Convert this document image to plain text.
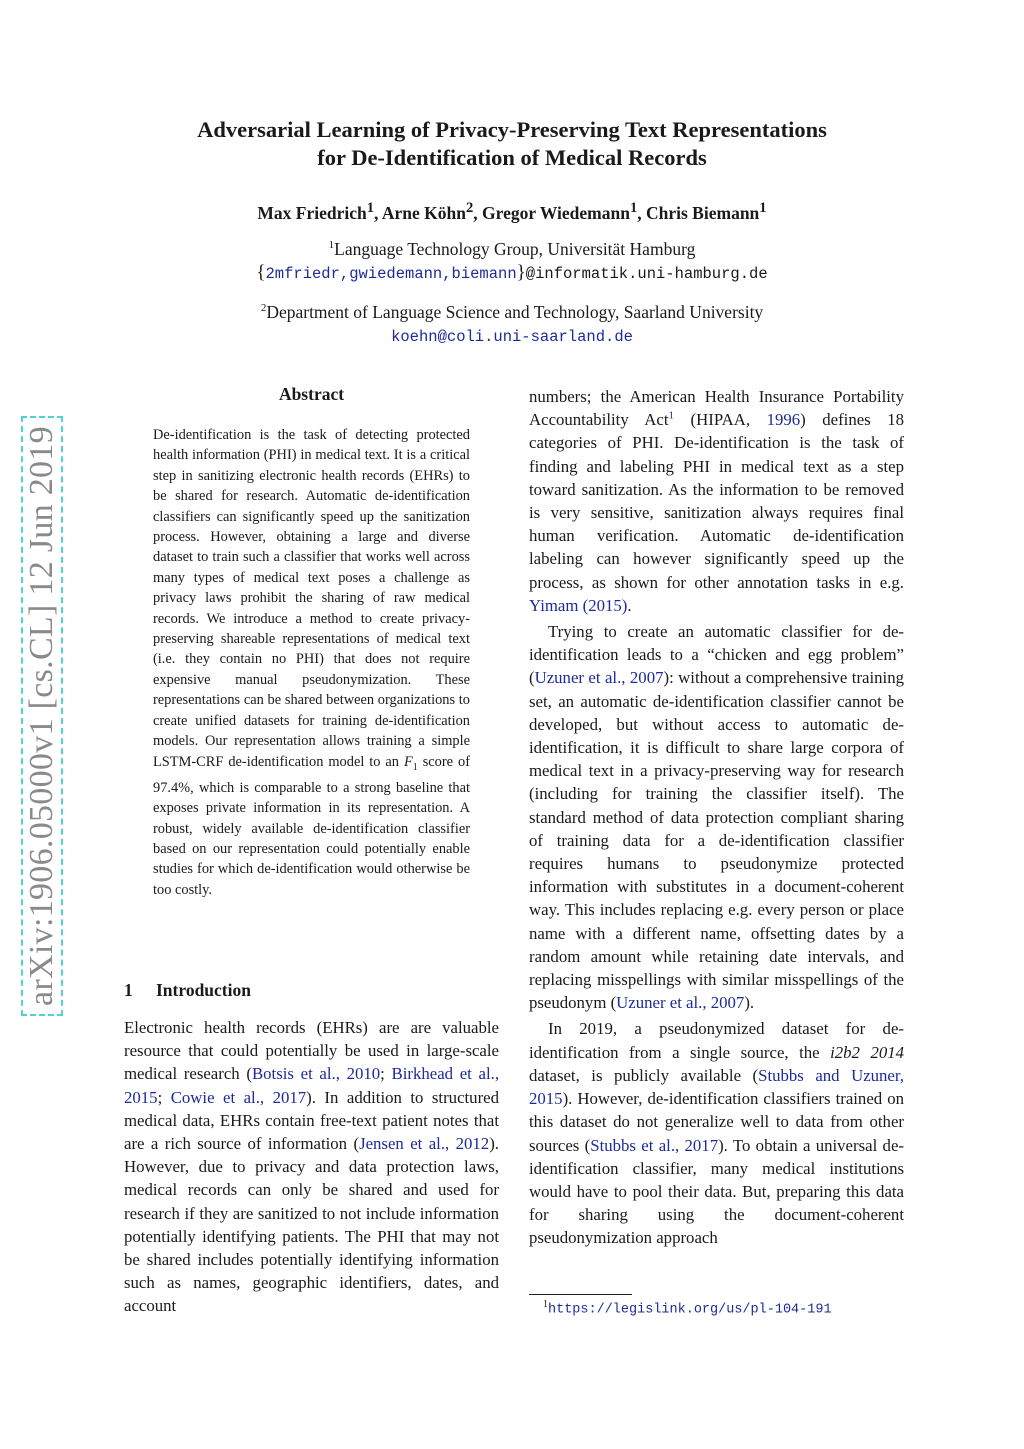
Adversarial Learning of Privacy-Preserving Text Representations
for De-Identification of Medical Records
Max Friedrich$^1$, Arne Köhn$^2$, Gregor Wiedemann$^1$, Chris Biemann$^1$
$^1$Language Technology Group, Universität Hamburg
{2mfriedr,gwiedemann,biemann}@informatik.uni-hamburg.de
$^2$Department of Language Science and Technology, Saarland University
koehn@coli.uni-saarland.de
arXiv:1906.05000v1 [cs.CL] 12 Jun 2019
Abstract
De-identification is the task of detecting protected health information (PHI) in medical text. It is a critical step in sanitizing electronic health records (EHRs) to be shared for research. Automatic de-identification classifiers can significantly speed up the sanitization process. However, obtaining a large and diverse dataset to train such a classifier that works well across many types of medical text poses a challenge as privacy laws prohibit the sharing of raw medical records. We introduce a method to create privacy-preserving shareable representations of medical text (i.e. they contain no PHI) that does not require expensive manual pseudonymization. These representations can be shared between organizations to create unified datasets for training de-identification models. Our representation allows training a simple LSTM-CRF de-identification model to an $F_1$ score of 97.4%, which is comparable to a strong baseline that exposes private information in its representation. A robust, widely available de-identification classifier based on our representation could potentially enable studies for which de-identification would otherwise be too costly.
1 Introduction
Electronic health records (EHRs) are are valuable resource that could potentially be used in large-scale medical research (Botsis et al., 2010; Birkhead et al., 2015; Cowie et al., 2017). In addition to structured medical data, EHRs contain free-text patient notes that are a rich source of information (Jensen et al., 2012). However, due to privacy and data protection laws, medical records can only be shared and used for research if they are sanitized to not include information potentially identifying patients. The PHI that may not be shared includes potentially identifying information such as names, geographic identifiers, dates, and account

numbers; the American Health Insurance Portability Accountability Act$^1$ (HIPAA, 1996) defines 18 categories of PHI. De-identification is the task of finding and labeling PHI in medical text as a step toward sanitization. As the information to be removed is very sensitive, sanitization always requires final human verification. Automatic de-identification labeling can however significantly speed up the process, as shown for other annotation tasks in e.g. Yimam (2015).

Trying to create an automatic classifier for de-identification leads to a “chicken and egg problem” (Uzuner et al., 2007): without a comprehensive training set, an automatic de-identification classifier cannot be developed, but without access to automatic de-identification, it is difficult to share large corpora of medical text in a privacy-preserving way for research (including for training the classifier itself). The standard method of data protection compliant sharing of training data for a de-identification classifier requires humans to pseudonymize protected information with substitutes in a document-coherent way. This includes replacing e.g. every person or place name with a different name, offsetting dates by a random amount while retaining date intervals, and replacing misspellings with similar misspellings of the pseudonym (Uzuner et al., 2007).

In 2019, a pseudonymized dataset for de-identification from a single source, the i2b2 2014 dataset, is publicly available (Stubbs and Uzuner, 2015). However, de-identification classifiers trained on this dataset do not generalize well to data from other sources (Stubbs et al., 2017). To obtain a universal de-identification classifier, many medical institutions would have to pool their data. But, preparing this data for sharing using the document-coherent pseudonymization approach

$^1$https://legislink.org/us/pl-104-191
